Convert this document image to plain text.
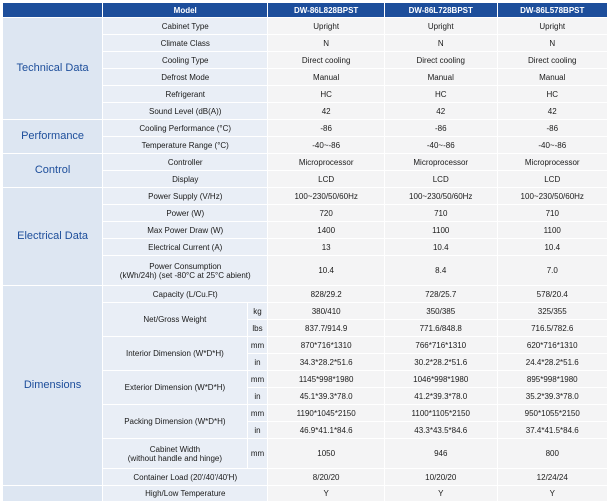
	Model		DW-86L828BPST	DW-86L728BPST	DW-86L578BPST
Technical Data	Cabinet Type		Upright	Upright	Upright
	Climate Class		N	N	N
	Cooling Type		Direct cooling	Direct cooling	Direct cooling
	Defrost Mode		Manual	Manual	Manual
	Refrigerant		HC	HC	HC
	Sound Level (dB(A))		42	42	42
Performance	Cooling Performance (°C)		-86	-86	-86
	Temperature Range (°C)		-40~-86	-40~-86	-40~-86
Control	Controller		Microprocessor	Microprocessor	Microprocessor
	Display		LCD	LCD	LCD
Electrical Data	Power Supply (V/Hz)		100~230/50/60Hz	100~230/50/60Hz	100~230/50/60Hz
	Power (W)		720	710	710
	Max Power Draw (W)		1400	1100	1100
	Electrical Current (A)		13	10.4	10.4

	Power Consumption
(kWh/24h) (set -80°C at 25°C abient)		10.4	8.4	7.0
Dimensions	Capacity (L/Cu.Ft)		828/29.2	728/25.7	578/20.4
	Net/Gross Weight	kg	380/410	350/385	325/355
		lbs	837.7/914.9	771.6/848.8	716.5/782.6
	Interior Dimension (W*D*H)	mm	870*716*1310	766*716*1310	620*716*1310
		in	34.3*28.2*51.6	30.2*28.2*51.6	24.4*28.2*51.6
	Exterior Dimension (W*D*H)	mm	1145*998*1980	1046*998*1980	895*998*1980
		in	45.1*39.3*78.0	41.2*39.3*78.0	35.2*39.3*78.0
	Packing Dimension (W*D*H)	mm	1190*1045*2150	1100*1105*2150	950*1055*2150
		in	46.9*41.1*84.6	43.3*43.5*84.6	37.4*41.5*84.6

	Cabinet Width
(without handle and hinge)	mm	1050	946	800
	Container Load (20'/40'/40'H)		8/20/20	10/20/20	12/24/24
	High/Low Temperature		Y	Y	Y
